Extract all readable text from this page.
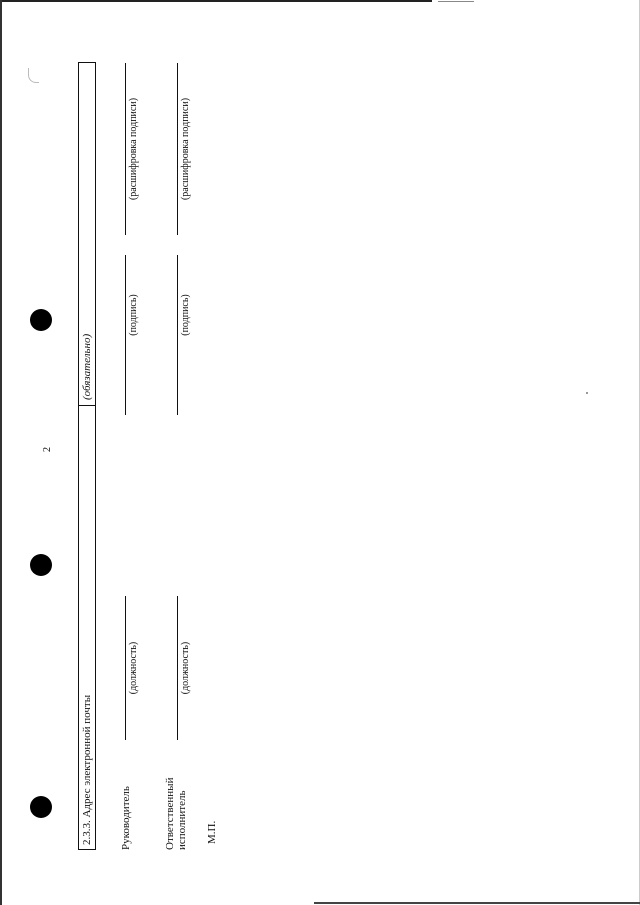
2
2.3.3. Адрес электронной почты
(обязательно)
Руководитель
(должность)
(подпись)
(расшифровка подписи)
Ответственный исполнитель
(должность)
(подпись)
(расшифровка подписи)
М.П.
